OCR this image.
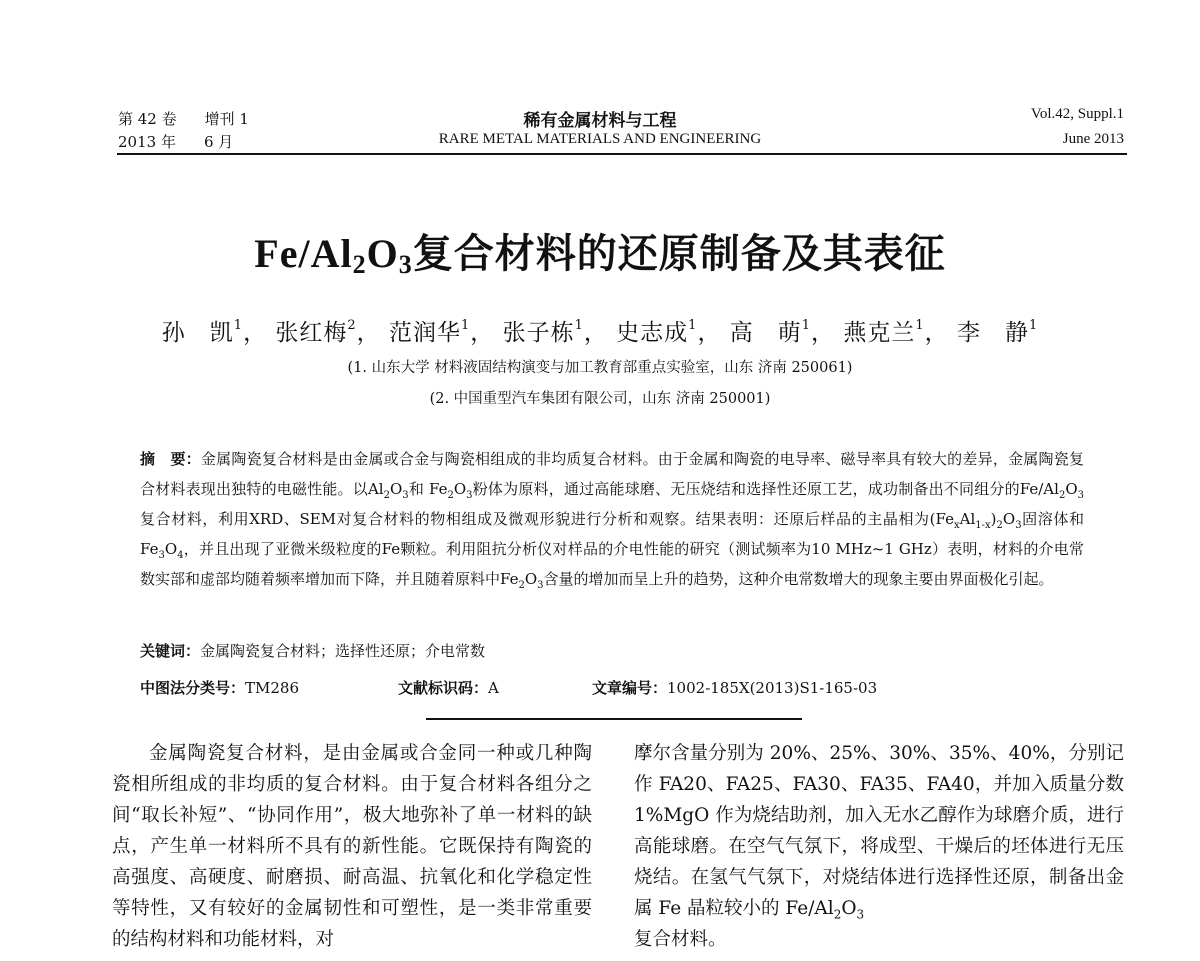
第 42 卷 增刊 1
2013 年 6 月
稀有金属材料与工程
RARE METAL MATERIALS AND ENGINEERING
Vol.42, Suppl.1
June 2013
$Fe/Al_2O_3$复合材料的还原制备及其表征
孙　凯$^1$， 张红梅$^2$， 范润华$^1$， 张子栋$^1$， 史志成$^1$， 高　萌$^1$， 燕克兰$^1$， 李　静$^1$
(1. 山东大学 材料液固结构演变与加工教育部重点实验室，山东 济南 250061)
(2. 中国重型汽车集团有限公司，山东 济南 250001)
摘　要：金属陶瓷复合材料是由金属或合金与陶瓷相组成的非均质复合材料。由于金属和陶瓷的电导率、磁导率具有较大的差异，金属陶瓷复合材料表现出独特的电磁性能。以$Al_2O_3$和 $Fe_2O_3$粉体为原料，通过高能球磨、无压烧结和选择性还原工艺，成功制备出不同组分的$Fe/Al_2O_3$复合材料，利用XRD、SEM对复合材料的物相组成及微观形貌进行分析和观察。结果表明：还原后样品的主晶相为$(Fe_xAl_{1-x})_2O_3$固溶体和$Fe_3O_4$，并且出现了亚微米级粒度的Fe颗粒。利用阻抗分析仪对样品的介电性能的研究（测试频率为10 MHz~1 GHz）表明，材料的介电常数实部和虚部均随着频率增加而下降，并且随着原料中$Fe_2O_3$含量的增加而呈上升的趋势，这种介电常数增大的现象主要由界面极化引起。
关键词：金属陶瓷复合材料；选择性还原；介电常数
中图法分类号：TM286	文献标识码：A	文章编号：1002-185X(2013)S1-165-03

金属陶瓷复合材料，是由金属或合金同一种或几种陶瓷相所组成的非均质的复合材料。由于复合材料各组分之间“取长补短”、“协同作用”，极大地弥补了单一材料的缺点，产生单一材料所不具有的新性能。它既保持有陶瓷的高强度、高硬度、耐磨损、耐高温、抗氧化和化学稳定性等特性，又有较好的金属韧性和可塑性，是一类非常重要的结构材料和功能材料，对

摩尔含量分别为 20%、25%、30%、35%、40%，分别记作 FA20、FA25、FA30、FA35、FA40，并加入质量分数 1%MgO 作为烧结助剂，加入无水乙醇作为球磨介质，进行高能球磨。在空气气氛下，将成型、干燥后的坯体进行无压烧结。在氢气气氛下，对烧结体进行选择性还原，制备出金属 Fe 晶粒较小的 $Fe/Al_2O_3$
复合材料。
